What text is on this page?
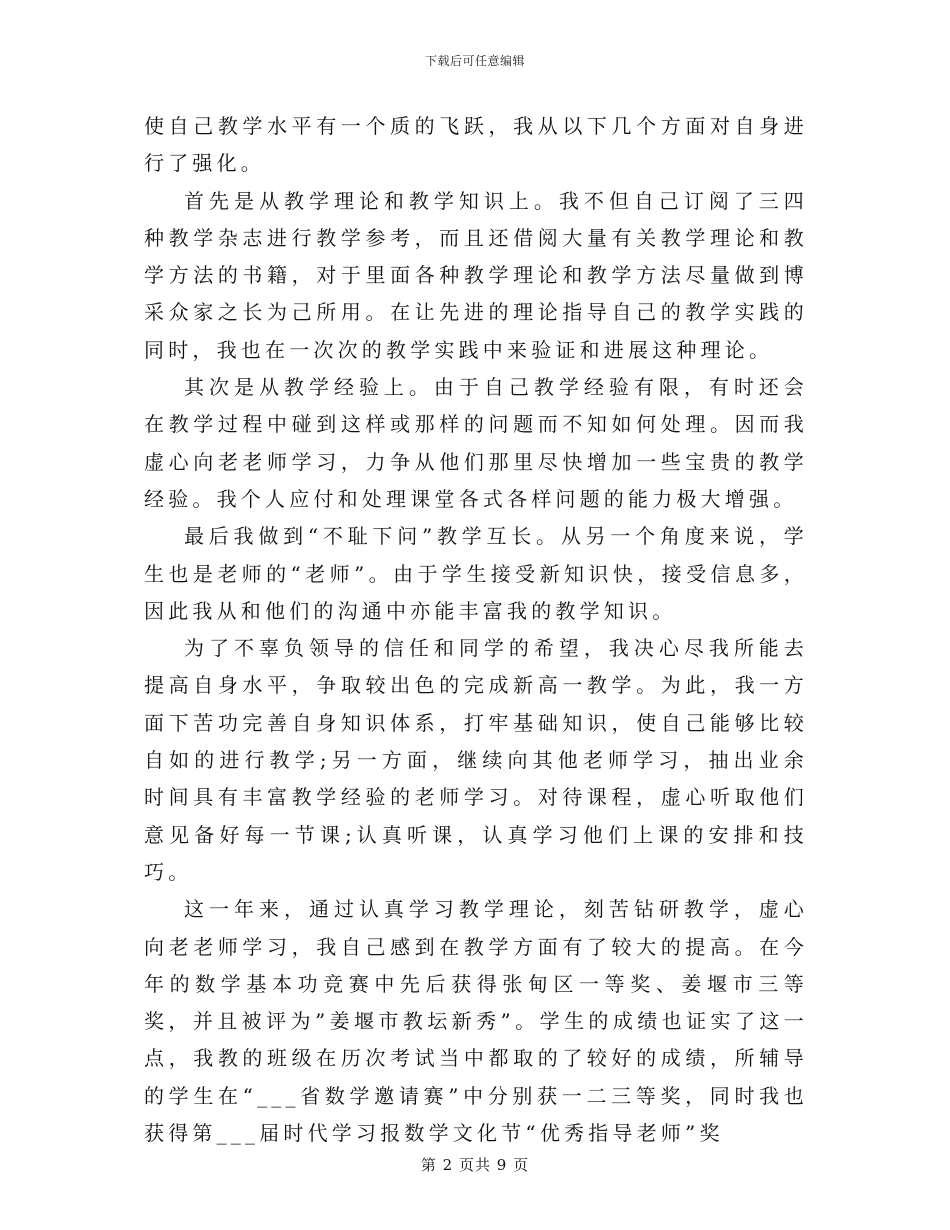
下载后可任意编辑

使自己教学水平有一个质的飞跃，我从以下几个方面对自身进行了强化。

首先是从教学理论和教学知识上。我不但自己订阅了三四种教学杂志进行教学参考，而且还借阅大量有关教学理论和教学方法的书籍，对于里面各种教学理论和教学方法尽量做到博采众家之长为己所用。在让先进的理论指导自己的教学实践的同时，我也在一次次的教学实践中来验证和进展这种理论。

其次是从教学经验上。由于自己教学经验有限，有时还会在教学过程中碰到这样或那样的问题而不知如何处理。因而我虚心向老老师学习，力争从他们那里尽快增加一些宝贵的教学经验。我个人应付和处理课堂各式各样问题的能力极大增强。

最后我做到“不耻下问”教学互长。从另一个角度来说，学生也是老师的“老师”。由于学生接受新知识快，接受信息多，因此我从和他们的沟通中亦能丰富我的教学知识。

为了不辜负领导的信任和同学的希望，我决心尽我所能去提高自身水平，争取较出色的完成新高一教学。为此，我一方面下苦功完善自身知识体系，打牢基础知识，使自己能够比较自如的进行教学;另一方面，继续向其他老师学习，抽出业余时间具有丰富教学经验的老师学习。对待课程，虚心听取他们意见备好每一节课;认真听课，认真学习他们上课的安排和技巧。

这一年来，通过认真学习教学理论，刻苦钻研教学，虚心向老老师学习，我自己感到在教学方面有了较大的提高。在今年的数学基本功竞赛中先后获得张甸区一等奖、姜堰市三等奖，并且被评为”姜堰市教坛新秀”。学生的成绩也证实了这一点，我教的班级在历次考试当中都取的了较好的成绩，所辅导的学生在“___省数学邀请赛”中分别获一二三等奖，同时我也获得第___届时代学习报数学文化节“优秀指导老师”奖

第 2 页共 9 页
